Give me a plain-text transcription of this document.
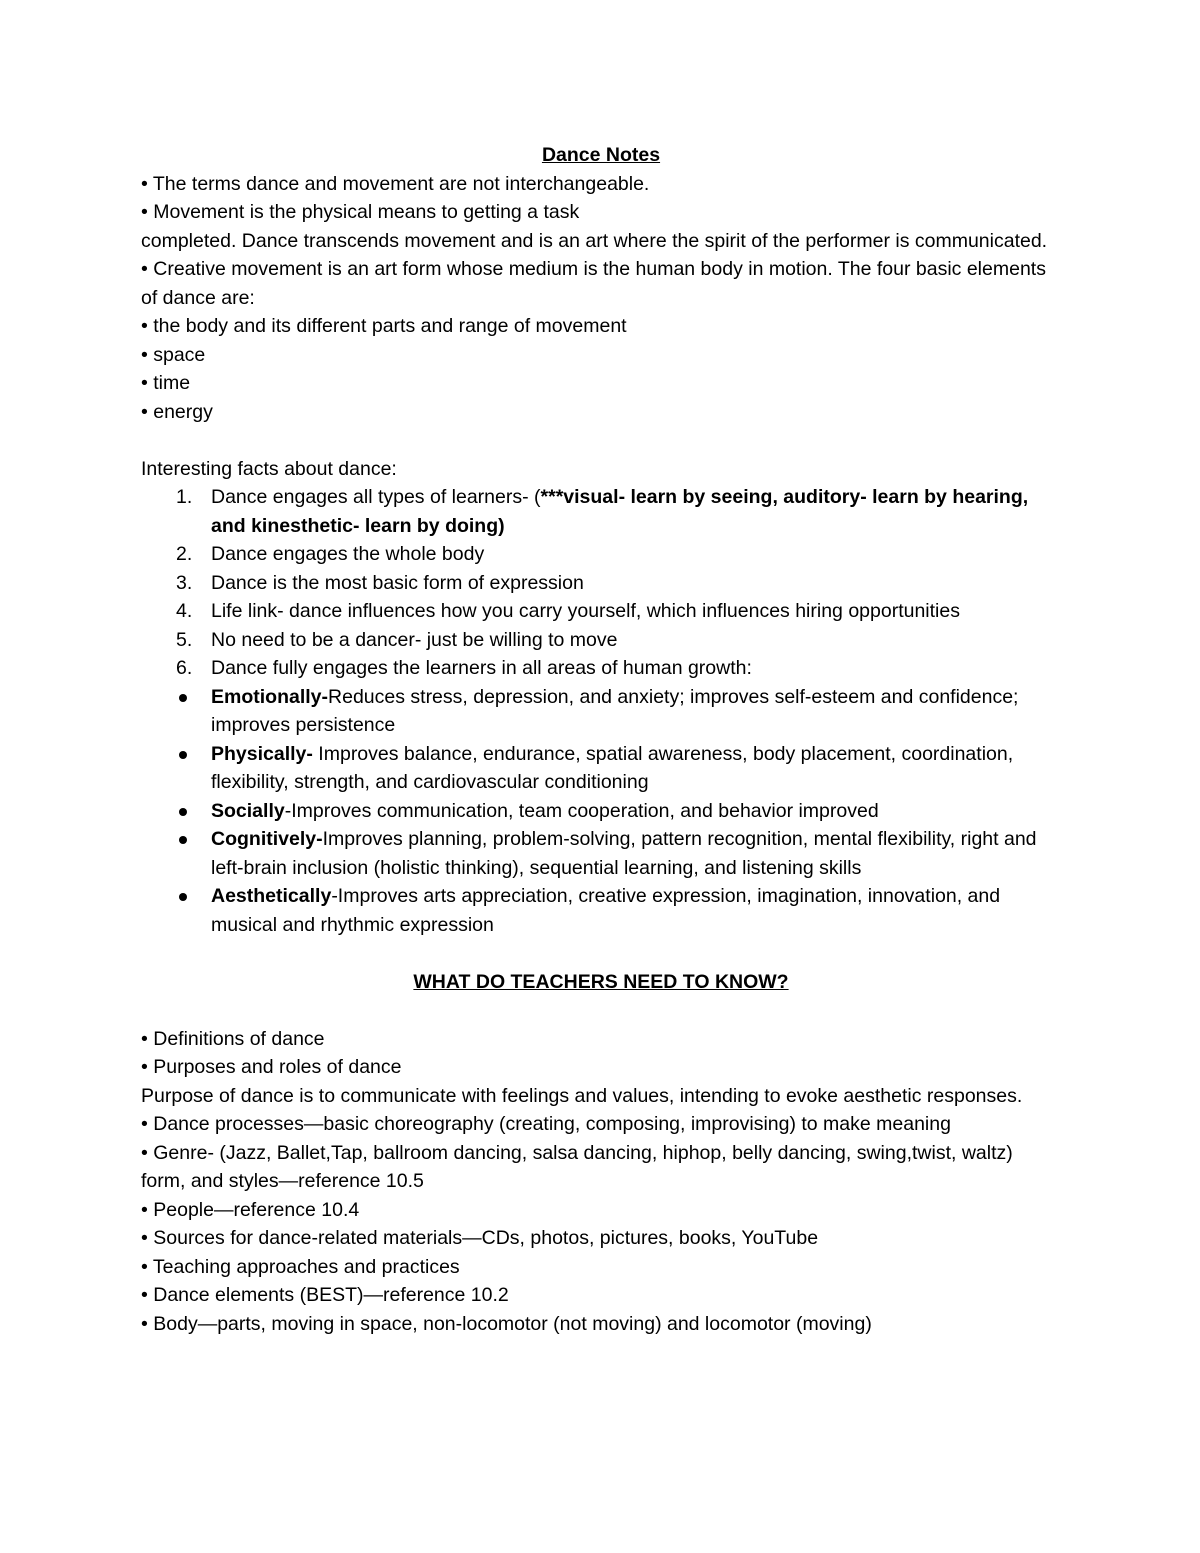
Dance Notes

• The terms dance and movement are not interchangeable.

• Movement is the physical means to getting a task

completed. Dance transcends movement and is an art where the spirit of the performer is communicated.

• Creative movement is an art form whose medium is the human body in motion. The four basic elements of dance are:

• the body and its different parts and range of movement

• space

• time

• energy

Interesting facts about dance:

1. Dance engages all types of learners- (***visual- learn by seeing, auditory- learn by hearing, and kinesthetic- learn by doing)
2. Dance engages the whole body
3. Dance is the most basic form of expression
4. Life link- dance influences how you carry yourself, which influences hiring opportunities
5. No need to be a dancer- just be willing to move
6. Dance fully engages the learners in all areas of human growth:
Emotionally-Reduces stress, depression, and anxiety; improves self-esteem and confidence; improves persistence
Physically- Improves balance, endurance, spatial awareness, body placement, coordination, flexibility, strength, and cardiovascular conditioning
Socially-Improves communication, team cooperation, and behavior improved
Cognitively-Improves planning, problem-solving, pattern recognition, mental flexibility, right and left-brain inclusion (holistic thinking), sequential learning, and listening skills
Aesthetically-Improves arts appreciation, creative expression, imagination, innovation, and musical and rhythmic expression

WHAT DO TEACHERS NEED TO KNOW?

• Definitions of dance

• Purposes and roles of dance

Purpose of dance is to communicate with feelings and values, intending to evoke aesthetic responses.

• Dance processes—basic choreography (creating, composing, improvising) to make meaning

• Genre- (Jazz, Ballet,Tap, ballroom dancing, salsa dancing, hiphop, belly dancing, swing,twist, waltz) form, and styles—reference 10.5

• People—reference 10.4

• Sources for dance-related materials—CDs, photos, pictures, books, YouTube

• Teaching approaches and practices

• Dance elements (BEST)—reference 10.2

• Body—parts, moving in space, non-locomotor (not moving) and locomotor (moving)
